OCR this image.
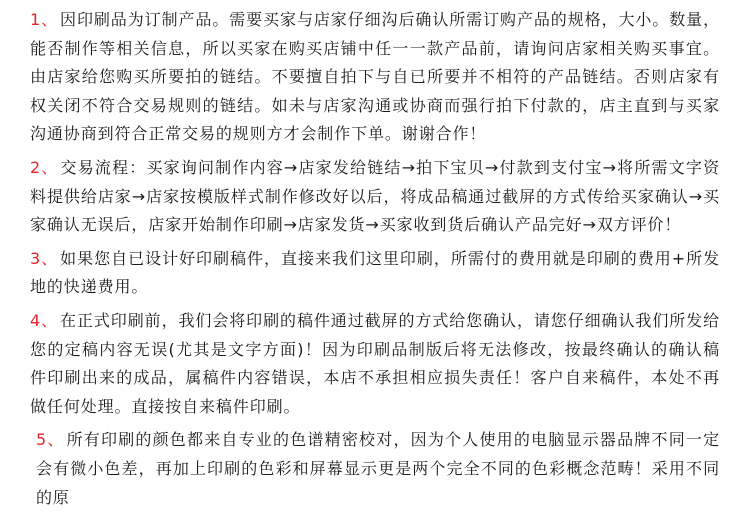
1、 因印刷品为订制产品。需要买家与店家仔细沟后确认所需订购产品的规格，大小。数量，能否制作等相关信息，所以买家在购买店铺中任一一款产品前，请询问店家相关购买事宜。由店家给您购买所要拍的链结。不要擅自拍下与自已所要并不相符的产品链结。否则店家有权关闭不符合交易规则的链结。如未与店家沟通或协商而强行拍下付款的，店主直到与买家沟通协商到符合正常交易的规则方才会制作下单。谢谢合作！

2、 交易流程：买家询问制作内容→店家发给链结→拍下宝贝→付款到支付宝→将所需文字资料提供给店家→店家按模版样式制作修改好以后，将成品稿通过截屏的方式传给买家确认→买家确认无误后，店家开始制作印刷→店家发货→买家收到货后确认产品完好→双方评价！

3、 如果您自已设计好印刷稿件，直接来我们这里印刷，所需付的费用就是印刷的费用+所发地的快递费用。

4、 在正式印刷前，我们会将印刷的稿件通过截屏的方式给您确认，请您仔细确认我们所发给您的定稿内容无误(尤其是文字方面)！因为印刷品制版后将无法修改，按最终确认的确认稿件印刷出来的成品，属稿件内容错误，本店不承担相应损失责任！客户自来稿件，本处不再做任何处理。直接按自来稿件印刷。

5、 所有印刷的颜色都来自专业的色谱精密校对，因为个人使用的电脑显示器品牌不同一定会有微小色差，再加上印刷的色彩和屏幕显示更是两个完全不同的色彩概念范畴！采用不同的原
